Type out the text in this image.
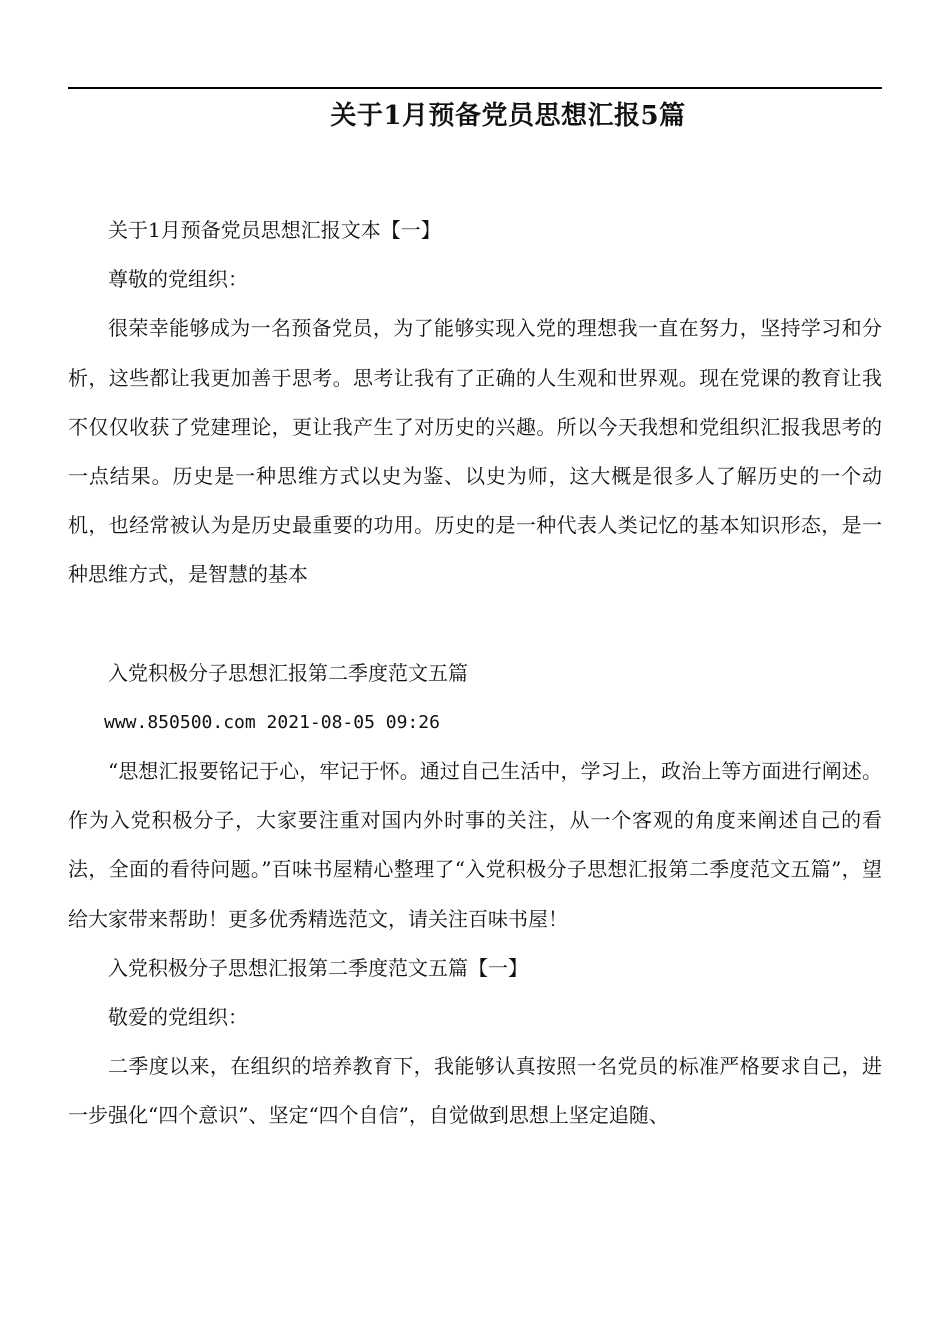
关于1月预备党员思想汇报5篇

关于1月预备党员思想汇报文本【一】

尊敬的党组织：

很荣幸能够成为一名预备党员，为了能够实现入党的理想我一直在努力，坚持学习和分析，这些都让我更加善于思考。思考让我有了正确的人生观和世界观。现在党课的教育让我不仅仅收获了党建理论，更让我产生了对历史的兴趣。所以今天我想和党组织汇报我思考的一点结果。历史是一种思维方式以史为鉴、以史为师，这大概是很多人了解历史的一个动机，也经常被认为是历史最重要的功用。历史的是一种代表人类记忆的基本知识形态，是一种思维方式，是智慧的基本

入党积极分子思想汇报第二季度范文五篇

www.850500.com 2021-08-05 09:26

“思想汇报要铭记于心，牢记于怀。通过自己生活中，学习上，政治上等方面进行阐述。作为入党积极分子，大家要注重对国内外时事的关注，从一个客观的角度来阐述自己的看法，全面的看待问题。”百味书屋精心整理了“入党积极分子思想汇报第二季度范文五篇”，望给大家带来帮助！更多优秀精选范文，请关注百味书屋！

入党积极分子思想汇报第二季度范文五篇【一】

敬爱的党组织：

二季度以来，在组织的培养教育下，我能够认真按照一名党员的标准严格要求自己，进一步强化“四个意识”、坚定“四个自信”，自觉做到思想上坚定追随、
